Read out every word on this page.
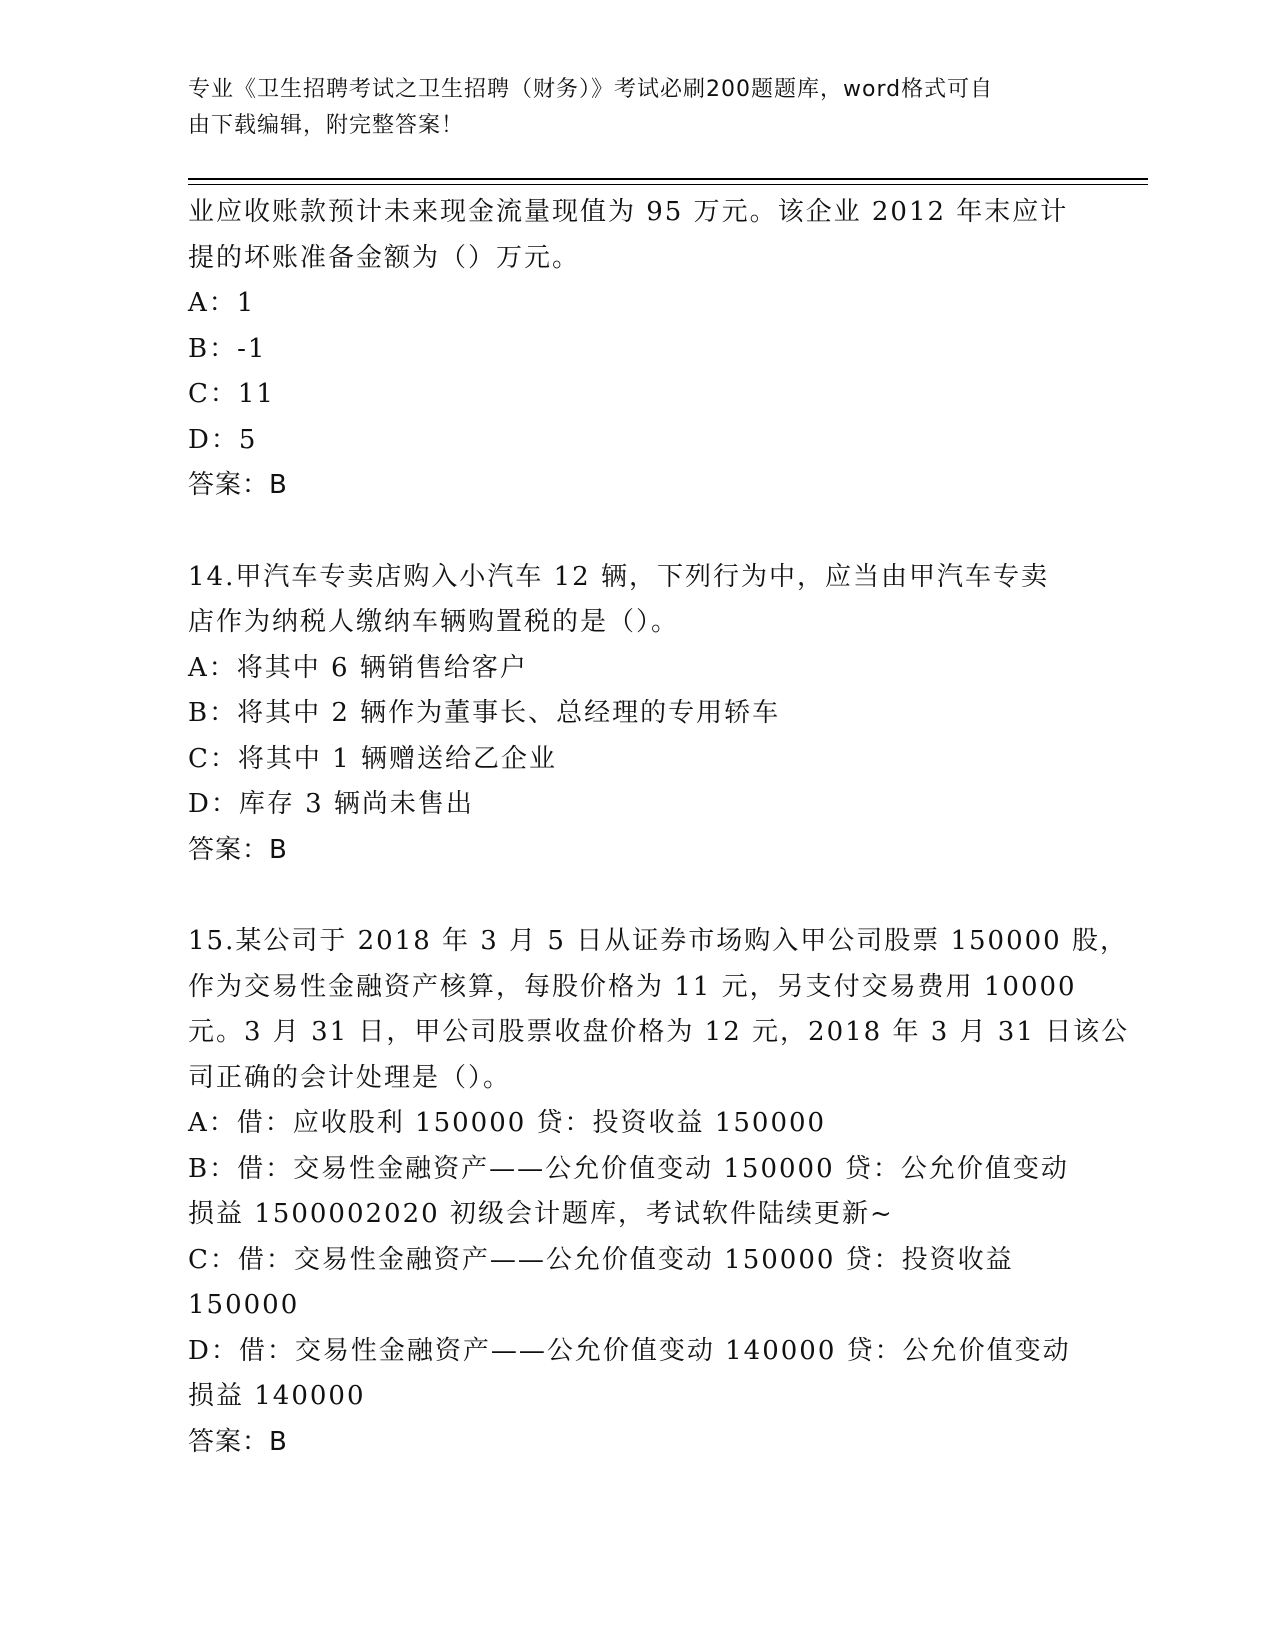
专业《卫生招聘考试之卫生招聘（财务）》考试必刷200题题库，word格式可自
由下载编辑，附完整答案！
业应收账款预计未来现金流量现值为 95 万元。该企业 2012 年末应计
提的坏账准备金额为（）万元。
A：1
B：-1
C：11
D：5
答案：B
14.甲汽车专卖店购入小汽车 12 辆，下列行为中，应当由甲汽车专卖
店作为纳税人缴纳车辆购置税的是（）。
A：将其中 6 辆销售给客户
B：将其中 2 辆作为董事长、总经理的专用轿车
C：将其中 1 辆赠送给乙企业
D：库存 3 辆尚未售出
答案：B
15.某公司于 2018 年 3 月 5 日从证券市场购入甲公司股票 150000 股，
作为交易性金融资产核算，每股价格为 11 元，另支付交易费用 10000
元。3 月 31 日，甲公司股票收盘价格为 12 元，2018 年 3 月 31 日该公
司正确的会计处理是（）。
A：借：应收股利 150000 贷：投资收益 150000
B：借：交易性金融资产——公允价值变动 150000 贷：公允价值变动
损益 1500002020 初级会计题库，考试软件陆续更新~
C：借：交易性金融资产——公允价值变动 150000 贷：投资收益
150000
D：借：交易性金融资产——公允价值变动 140000 贷：公允价值变动
损益 140000
答案：B
